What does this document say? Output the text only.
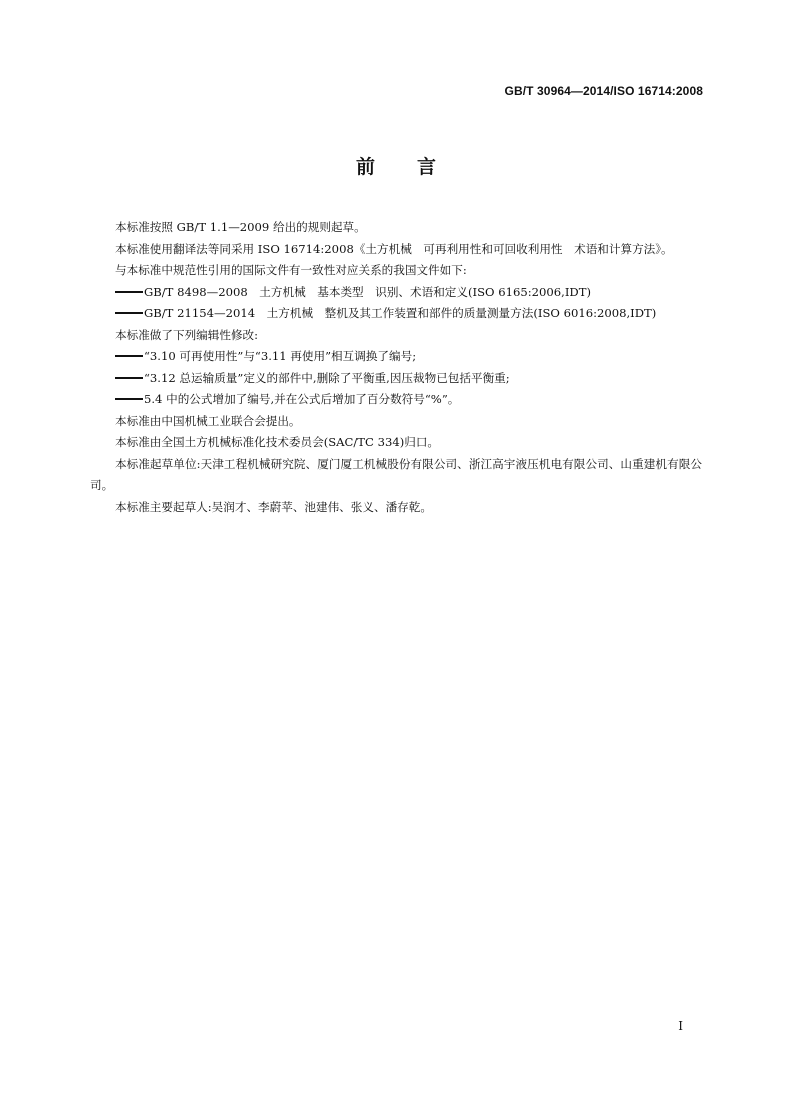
GB/T 30964—2014/ISO 16714:2008
前 言

本标准按照 GB/T 1.1—2009 给出的规则起草。

本标准使用翻译法等同采用 ISO 16714:2008《土方机械　可再利用性和可回收利用性　术语和计算方法》。

与本标准中规范性引用的国际文件有一致性对应关系的我国文件如下:

GB/T 8498—2008　土方机械　基本类型　识别、术语和定义(ISO 6165:2006,IDT)

GB/T 21154—2014　土方机械　整机及其工作装置和部件的质量测量方法(ISO 6016:2008,IDT)

本标准做了下列编辑性修改:

“3.10 可再使用性”与“3.11 再使用”相互调换了编号;

“3.12 总运输质量”定义的部件中,删除了平衡重,因压裁物已包括平衡重;

5.4 中的公式增加了编号,并在公式后增加了百分数符号“%”。

本标准由中国机械工业联合会提出。

本标准由全国土方机械标准化技术委员会(SAC/TC 334)归口。

本标准起草单位:天津工程机械研究院、厦门厦工机械股份有限公司、浙江高宇液压机电有限公司、山重建机有限公司。

本标准主要起草人:吴润才、李蔚苹、池建伟、张义、潘存乾。

I
